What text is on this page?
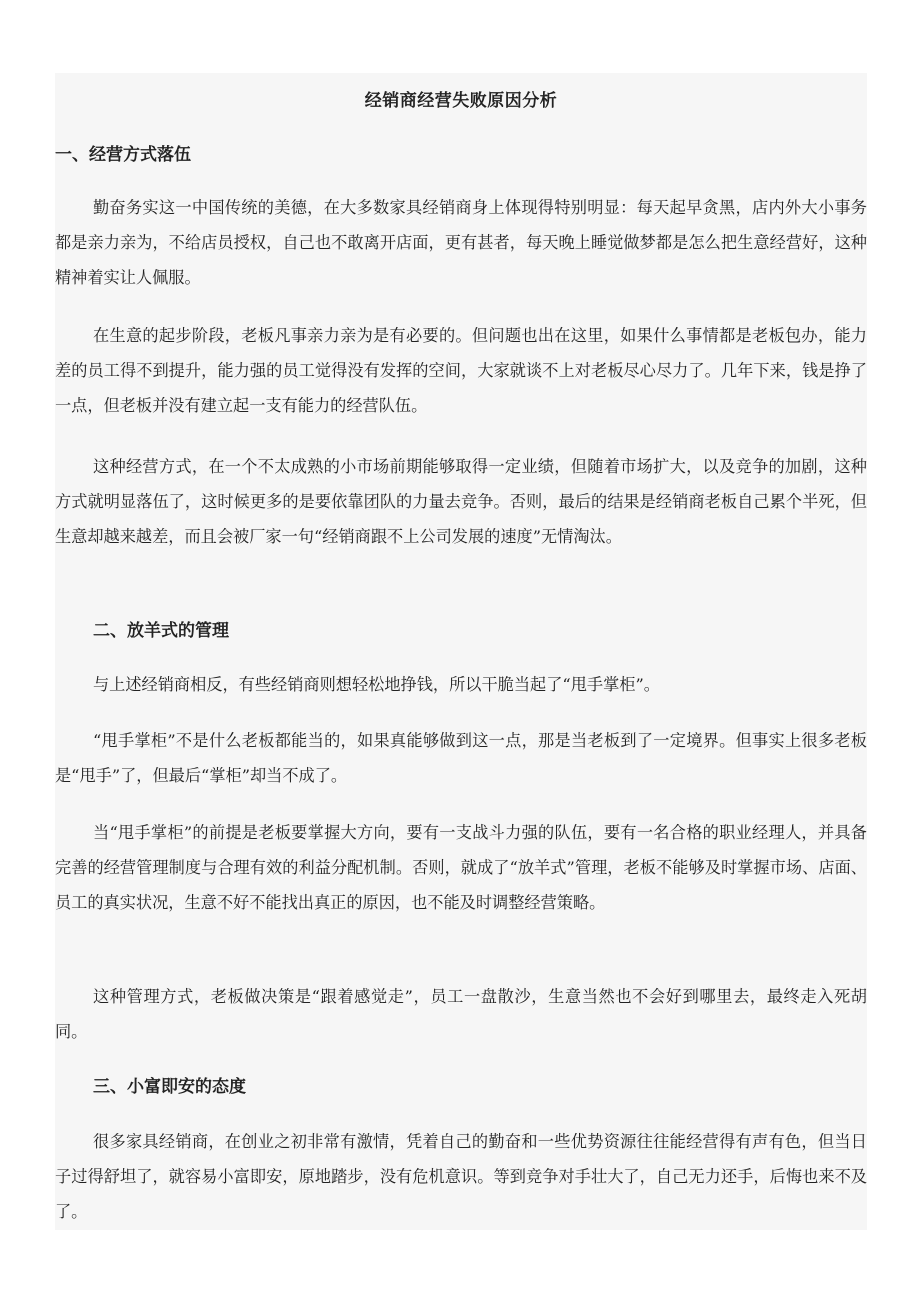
经销商经营失败原因分析
一、经营方式落伍

勤奋务实这一中国传统的美德，在大多数家具经销商身上体现得特别明显：每天起早贪黑，店内外大小事务都是亲力亲为，不给店员授权，自己也不敢离开店面，更有甚者，每天晚上睡觉做梦都是怎么把生意经营好，这种精神着实让人佩服。

在生意的起步阶段，老板凡事亲力亲为是有必要的。但问题也出在这里，如果什么事情都是老板包办，能力差的员工得不到提升，能力强的员工觉得没有发挥的空间，大家就谈不上对老板尽心尽力了。几年下来，钱是挣了一点，但老板并没有建立起一支有能力的经营队伍。

这种经营方式，在一个不太成熟的小市场前期能够取得一定业绩，但随着市场扩大，以及竞争的加剧，这种方式就明显落伍了，这时候更多的是要依靠团队的力量去竞争。否则，最后的结果是经销商老板自己累个半死，但生意却越来越差，而且会被厂家一句“经销商跟不上公司发展的速度”无情淘汰。

二、放羊式的管理

与上述经销商相反，有些经销商则想轻松地挣钱，所以干脆当起了“甩手掌柜”。

“甩手掌柜”不是什么老板都能当的，如果真能够做到这一点，那是当老板到了一定境界。但事实上很多老板是“甩手”了，但最后“掌柜”却当不成了。

当“甩手掌柜”的前提是老板要掌握大方向，要有一支战斗力强的队伍，要有一名合格的职业经理人，并具备完善的经营管理制度与合理有效的利益分配机制。否则，就成了“放羊式”管理，老板不能够及时掌握市场、店面、员工的真实状况，生意不好不能找出真正的原因，也不能及时调整经营策略。

这种管理方式，老板做决策是“跟着感觉走”，员工一盘散沙，生意当然也不会好到哪里去，最终走入死胡同。

三、小富即安的态度

很多家具经销商，在创业之初非常有激情，凭着自己的勤奋和一些优势资源往往能经营得有声有色，但当日子过得舒坦了，就容易小富即安，原地踏步，没有危机意识。等到竞争对手壮大了，自己无力还手，后悔也来不及了。
